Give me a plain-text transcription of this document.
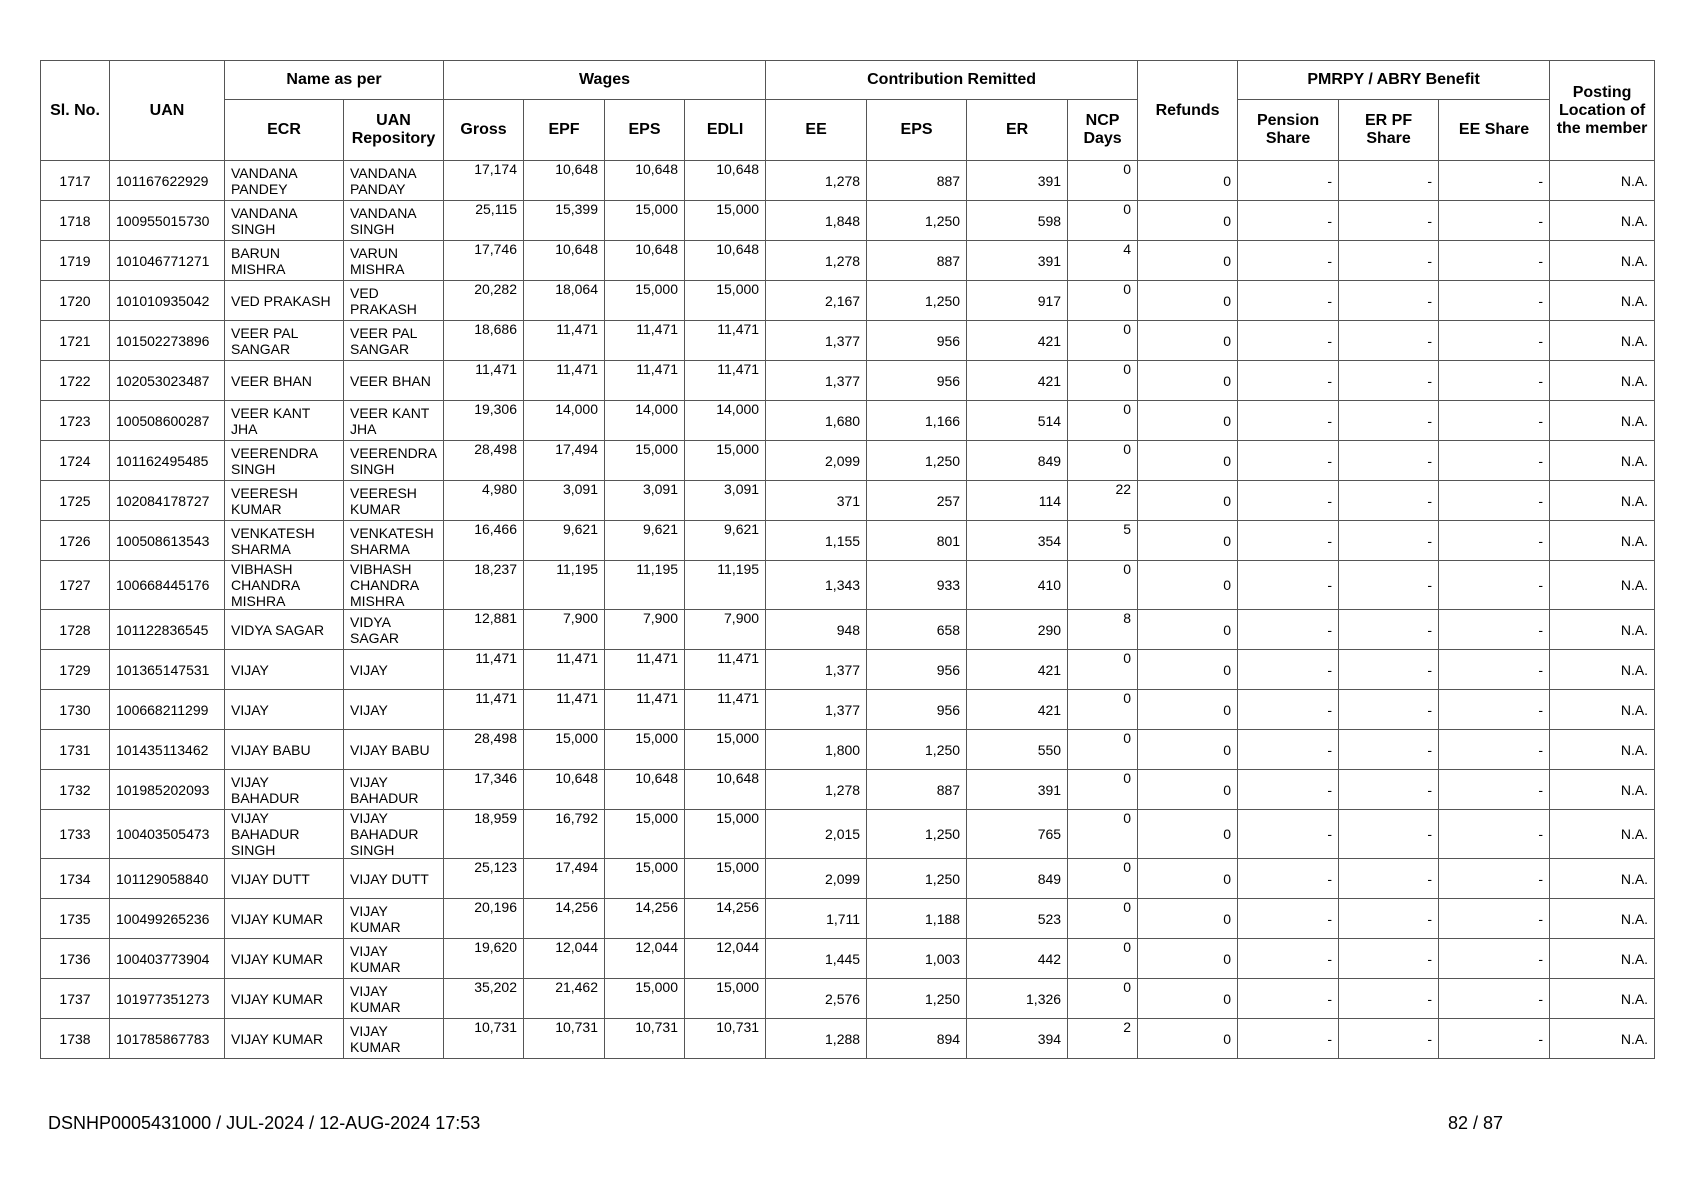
Sl. No.	UAN	Name as per		Wages				Contribution Remitted				Refunds	PMRPY / ABRY Benefit			Posting Location of the member
		ECR	UAN Repository	Gross	EPF	EPS	EDLI	EE	EPS	ER	NCP Days		Pension Share	ER PF Share	EE Share	
1717	101167622929	VANDANA PANDEY	VANDANA PANDAY	17,174	10,648	10,648	10,648	1,278	887	391	0	0	-	-	-	N.A.
1718	100955015730	VANDANA SINGH	VANDANA SINGH	25,115	15,399	15,000	15,000	1,848	1,250	598	0	0	-	-	-	N.A.
1719	101046771271	BARUN MISHRA	VARUN MISHRA	17,746	10,648	10,648	10,648	1,278	887	391	4	0	-	-	-	N.A.
1720	101010935042	VED PRAKASH	VED PRAKASH	20,282	18,064	15,000	15,000	2,167	1,250	917	0	0	-	-	-	N.A.
1721	101502273896	VEER PAL SANGAR	VEER PAL SANGAR	18,686	11,471	11,471	11,471	1,377	956	421	0	0	-	-	-	N.A.
1722	102053023487	VEER BHAN	VEER BHAN	11,471	11,471	11,471	11,471	1,377	956	421	0	0	-	-	-	N.A.
1723	100508600287	VEER KANT JHA	VEER KANT JHA	19,306	14,000	14,000	14,000	1,680	1,166	514	0	0	-	-	-	N.A.
1724	101162495485	VEERENDRA SINGH	VEERENDRA SINGH	28,498	17,494	15,000	15,000	2,099	1,250	849	0	0	-	-	-	N.A.
1725	102084178727	VEERESH KUMAR	VEERESH KUMAR	4,980	3,091	3,091	3,091	371	257	114	22	0	-	-	-	N.A.
1726	100508613543	VENKATESH SHARMA	VENKATESH SHARMA	16,466	9,621	9,621	9,621	1,155	801	354	5	0	-	-	-	N.A.
1727	100668445176	VIBHASH CHANDRA MISHRA	VIBHASH CHANDRA MISHRA	18,237	11,195	11,195	11,195	1,343	933	410	0	0	-	-	-	N.A.
1728	101122836545	VIDYA SAGAR	VIDYA SAGAR	12,881	7,900	7,900	7,900	948	658	290	8	0	-	-	-	N.A.
1729	101365147531	VIJAY	VIJAY	11,471	11,471	11,471	11,471	1,377	956	421	0	0	-	-	-	N.A.
1730	100668211299	VIJAY	VIJAY	11,471	11,471	11,471	11,471	1,377	956	421	0	0	-	-	-	N.A.
1731	101435113462	VIJAY BABU	VIJAY BABU	28,498	15,000	15,000	15,000	1,800	1,250	550	0	0	-	-	-	N.A.
1732	101985202093	VIJAY BAHADUR	VIJAY BAHADUR	17,346	10,648	10,648	10,648	1,278	887	391	0	0	-	-	-	N.A.
1733	100403505473	VIJAY BAHADUR SINGH	VIJAY BAHADUR SINGH	18,959	16,792	15,000	15,000	2,015	1,250	765	0	0	-	-	-	N.A.
1734	101129058840	VIJAY DUTT	VIJAY DUTT	25,123	17,494	15,000	15,000	2,099	1,250	849	0	0	-	-	-	N.A.
1735	100499265236	VIJAY KUMAR	VIJAY KUMAR	20,196	14,256	14,256	14,256	1,711	1,188	523	0	0	-	-	-	N.A.
1736	100403773904	VIJAY KUMAR	VIJAY KUMAR	19,620	12,044	12,044	12,044	1,445	1,003	442	0	0	-	-	-	N.A.
1737	101977351273	VIJAY KUMAR	VIJAY KUMAR	35,202	21,462	15,000	15,000	2,576	1,250	1,326	0	0	-	-	-	N.A.
1738	101785867783	VIJAY KUMAR	VIJAY KUMAR	10,731	10,731	10,731	10,731	1,288	894	394	2	0	-	-	-	N.A.
DSNHP0005431000 / JUL-2024 / 12-AUG-2024 17:53	82 / 87
